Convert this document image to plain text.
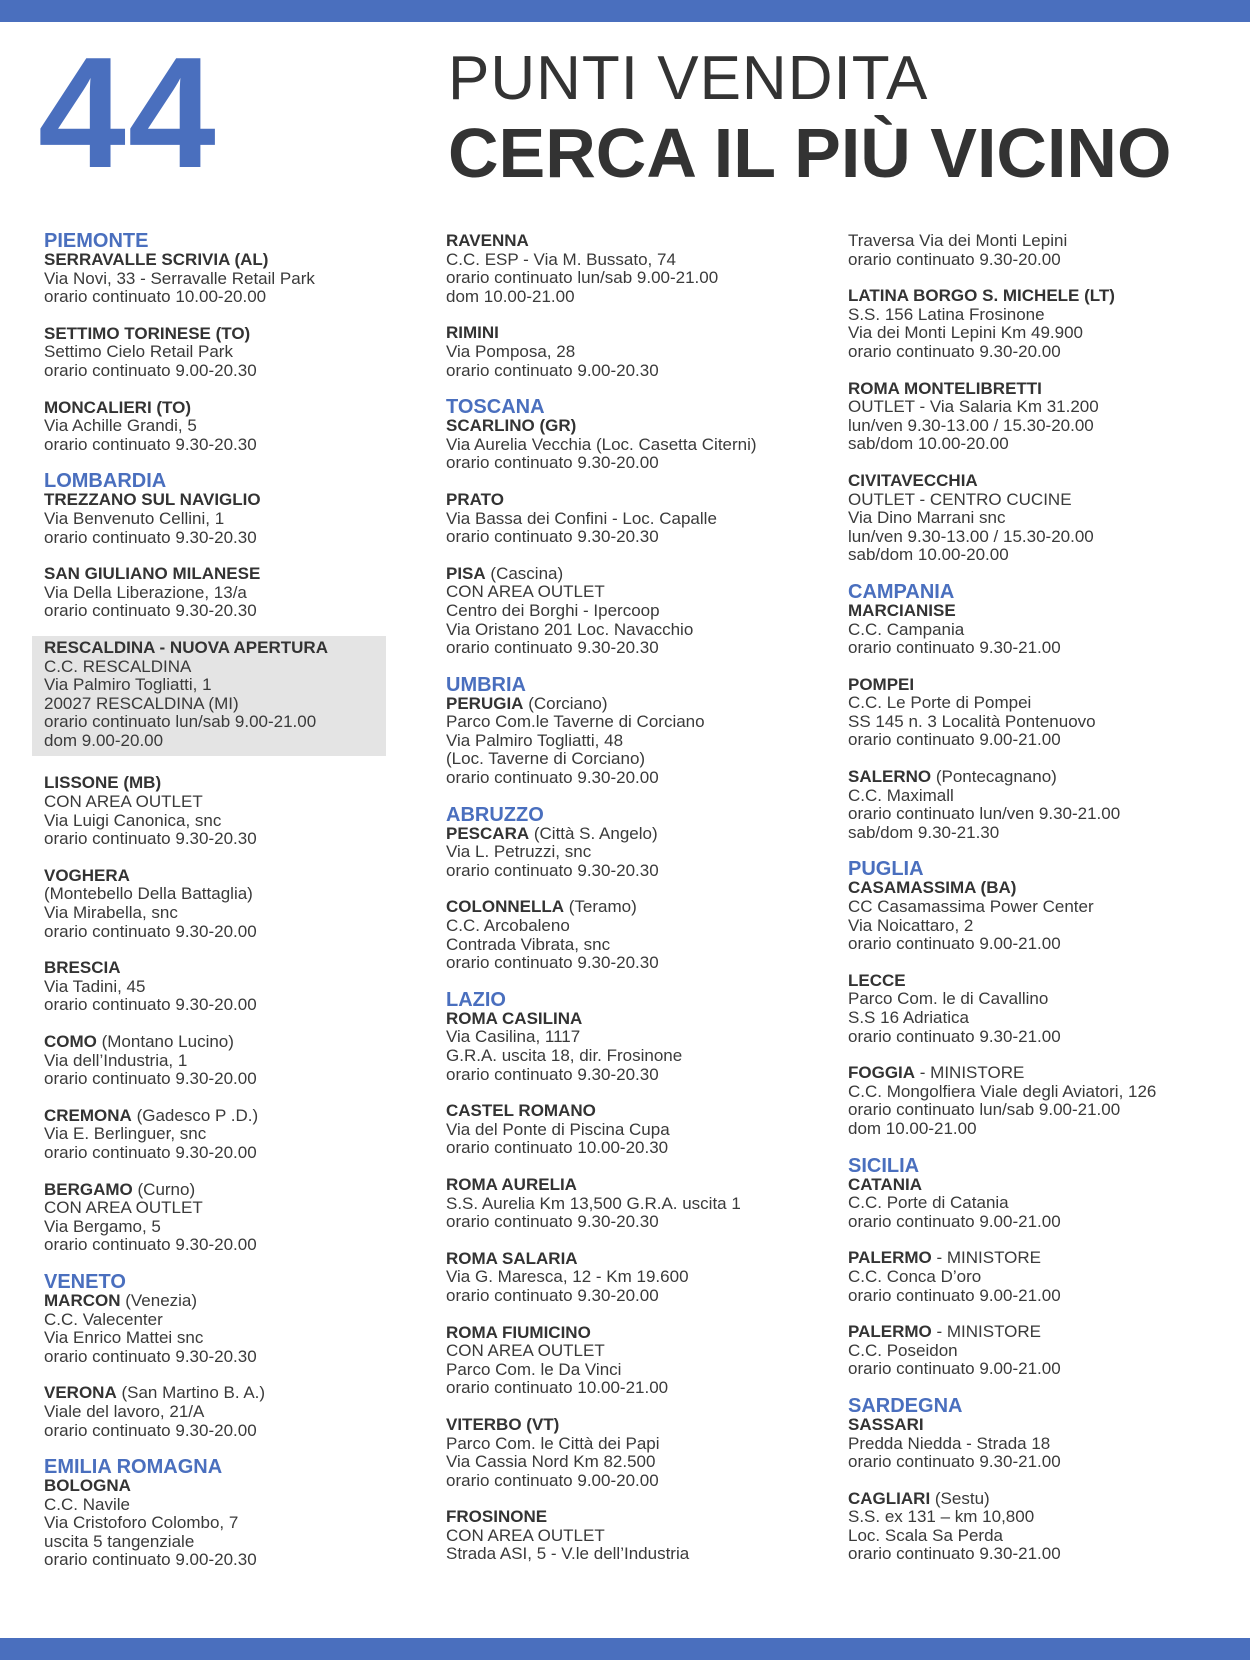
44	PUNTI VENDITA
CERCA IL PIÙ VICINO
PIEMONTE
SERRAVALLE SCRIVIA (AL)
Via Novi, 33 - Serravalle Retail Park
orario continuato 10.00-20.00
SETTIMO TORINESE (TO)
Settimo Cielo Retail Park
orario continuato 9.00-20.30
MONCALIERI (TO)
Via Achille Grandi, 5
orario continuato 9.30-20.30
LOMBARDIA
TREZZANO SUL NAVIGLIO
Via Benvenuto Cellini, 1
orario continuato 9.30-20.30
SAN GIULIANO MILANESE
Via Della Liberazione, 13/a
orario continuato 9.30-20.30
RESCALDINA - NUOVA APERTURA
C.C. RESCALDINA
Via Palmiro Togliatti, 1
20027 RESCALDINA (MI)
orario continuato lun/sab 9.00-21.00
dom 9.00-20.00
LISSONE (MB)
CON AREA OUTLET
Via Luigi Canonica, snc
orario continuato 9.30-20.30
VOGHERA
(Montebello Della Battaglia)
Via Mirabella, snc
orario continuato 9.30-20.00
BRESCIA
Via Tadini, 45
orario continuato 9.30-20.00
COMO (Montano Lucino)
Via dell’Industria, 1
orario continuato 9.30-20.00
CREMONA (Gadesco P .D.)
Via E. Berlinguer, snc
orario continuato 9.30-20.00
BERGAMO (Curno)
CON AREA OUTLET
Via Bergamo, 5
orario continuato 9.30-20.00
VENETO
MARCON (Venezia)
C.C. Valecenter
Via Enrico Mattei snc
orario continuato 9.30-20.30
VERONA (San Martino B. A.)
Viale del lavoro, 21/A
orario continuato 9.30-20.00
EMILIA ROMAGNA
BOLOGNA
C.C. Navile
Via Cristoforo Colombo, 7
uscita 5 tangenziale
orario continuato 9.00-20.30
RAVENNA
C.C. ESP - Via M. Bussato, 74
orario continuato lun/sab 9.00-21.00
dom 10.00-21.00
RIMINI
Via Pomposa, 28
orario continuato 9.00-20.30
TOSCANA
SCARLINO (GR)
Via Aurelia Vecchia (Loc. Casetta Citerni)
orario continuato 9.30-20.00
PRATO
Via Bassa dei Confini - Loc. Capalle
orario continuato 9.30-20.30
PISA (Cascina)
CON AREA OUTLET
Centro dei Borghi - Ipercoop
Via Oristano 201 Loc. Navacchio
orario continuato 9.30-20.30
UMBRIA
PERUGIA (Corciano)
Parco Com.le Taverne di Corciano
Via Palmiro Togliatti, 48
(Loc. Taverne di Corciano)
orario continuato 9.30-20.00
ABRUZZO
PESCARA (Città S. Angelo)
Via L. Petruzzi, snc
orario continuato 9.30-20.30
COLONNELLA (Teramo)
C.C. Arcobaleno
Contrada Vibrata, snc
orario continuato 9.30-20.30
LAZIO
ROMA CASILINA
Via Casilina, 1117
G.R.A. uscita 18, dir. Frosinone
orario continuato 9.30-20.30
CASTEL ROMANO
Via del Ponte di Piscina Cupa
orario continuato 10.00-20.30
ROMA AURELIA
S.S. Aurelia Km 13,500 G.R.A. uscita 1
orario continuato 9.30-20.30
ROMA SALARIA
Via G. Maresca, 12 - Km 19.600
orario continuato 9.30-20.00
ROMA FIUMICINO
CON AREA OUTLET
Parco Com. le Da Vinci
orario continuato 10.00-21.00
VITERBO (VT)
Parco Com. le Città dei Papi
Via Cassia Nord Km 82.500
orario continuato 9.00-20.00
FROSINONE
CON AREA OUTLET
Strada ASI, 5 - V.le dell’Industria
Traversa Via dei Monti Lepini
orario continuato 9.30-20.00
LATINA BORGO S. MICHELE (LT)
S.S. 156 Latina Frosinone
Via dei Monti Lepini Km 49.900
orario continuato 9.30-20.00
ROMA MONTELIBRETTI
OUTLET - Via Salaria Km 31.200
lun/ven 9.30-13.00 / 15.30-20.00
sab/dom 10.00-20.00
CIVITAVECCHIA
OUTLET - CENTRO CUCINE
Via Dino Marrani snc
lun/ven 9.30-13.00 / 15.30-20.00
sab/dom 10.00-20.00
CAMPANIA
MARCIANISE
C.C. Campania
orario continuato 9.30-21.00
POMPEI
C.C. Le Porte di Pompei
SS 145 n. 3 Località Pontenuovo
orario continuato 9.00-21.00
SALERNO (Pontecagnano)
C.C. Maximall
orario continuato lun/ven 9.30-21.00
sab/dom 9.30-21.30
PUGLIA
CASAMASSIMA (BA)
CC Casamassima Power Center
Via Noicattaro, 2
orario continuato 9.00-21.00
LECCE
Parco Com. le di Cavallino
S.S 16 Adriatica
orario continuato 9.30-21.00
FOGGIA - MINISTORE
C.C. Mongolfiera Viale degli Aviatori, 126
orario continuato lun/sab 9.00-21.00
dom 10.00-21.00
SICILIA
CATANIA
C.C. Porte di Catania
orario continuato 9.00-21.00
PALERMO - MINISTORE
C.C. Conca D’oro
orario continuato 9.00-21.00
PALERMO - MINISTORE
C.C. Poseidon
orario continuato 9.00-21.00
SARDEGNA
SASSARI
Predda Niedda - Strada 18
orario continuato 9.30-21.00
CAGLIARI (Sestu)
S.S. ex 131 – km 10,800
Loc. Scala Sa Perda
orario continuato 9.30-21.00
